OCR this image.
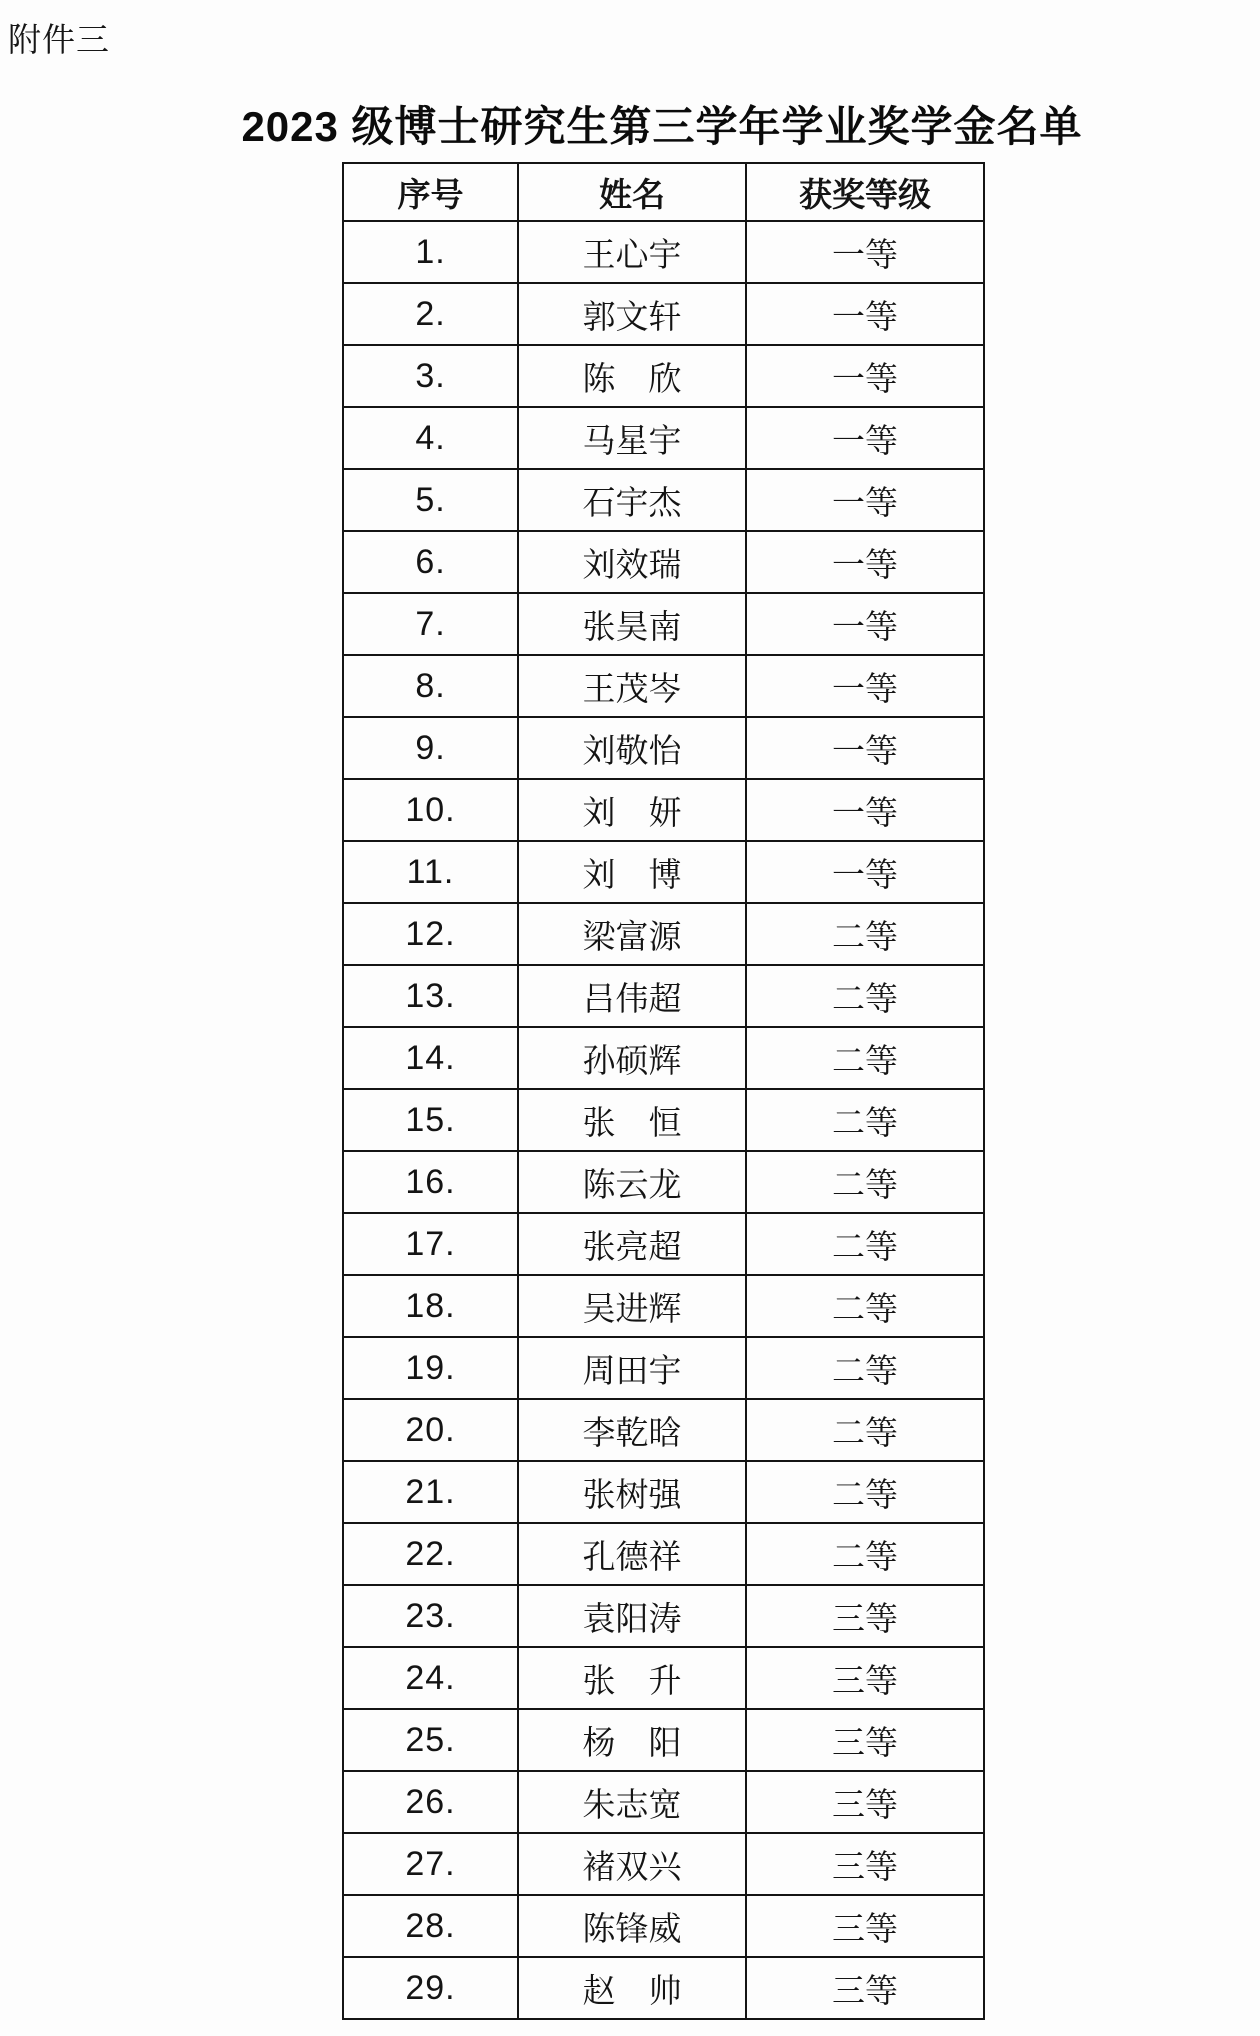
附件三
2023 级博士研究生第三学年学业奖学金名单
序号	姓名	获奖等级
1.	王心宇	一等
2.	郭文轩	一等
3.	陈　欣	一等
4.	马星宇	一等
5.	石宇杰	一等
6.	刘效瑞	一等
7.	张昊南	一等
8.	王茂岑	一等
9.	刘敬怡	一等
10.	刘　妍	一等
11.	刘　博	一等
12.	梁富源	二等
13.	吕伟超	二等
14.	孙硕辉	二等
15.	张　恒	二等
16.	陈云龙	二等
17.	张亮超	二等
18.	吴进辉	二等
19.	周田宇	二等
20.	李乾晗	二等
21.	张树强	二等
22.	孔德祥	二等
23.	袁阳涛	三等
24.	张　升	三等
25.	杨　阳	三等
26.	朱志宽	三等
27.	褚双兴	三等
28.	陈锋威	三等
29.	赵　帅	三等
